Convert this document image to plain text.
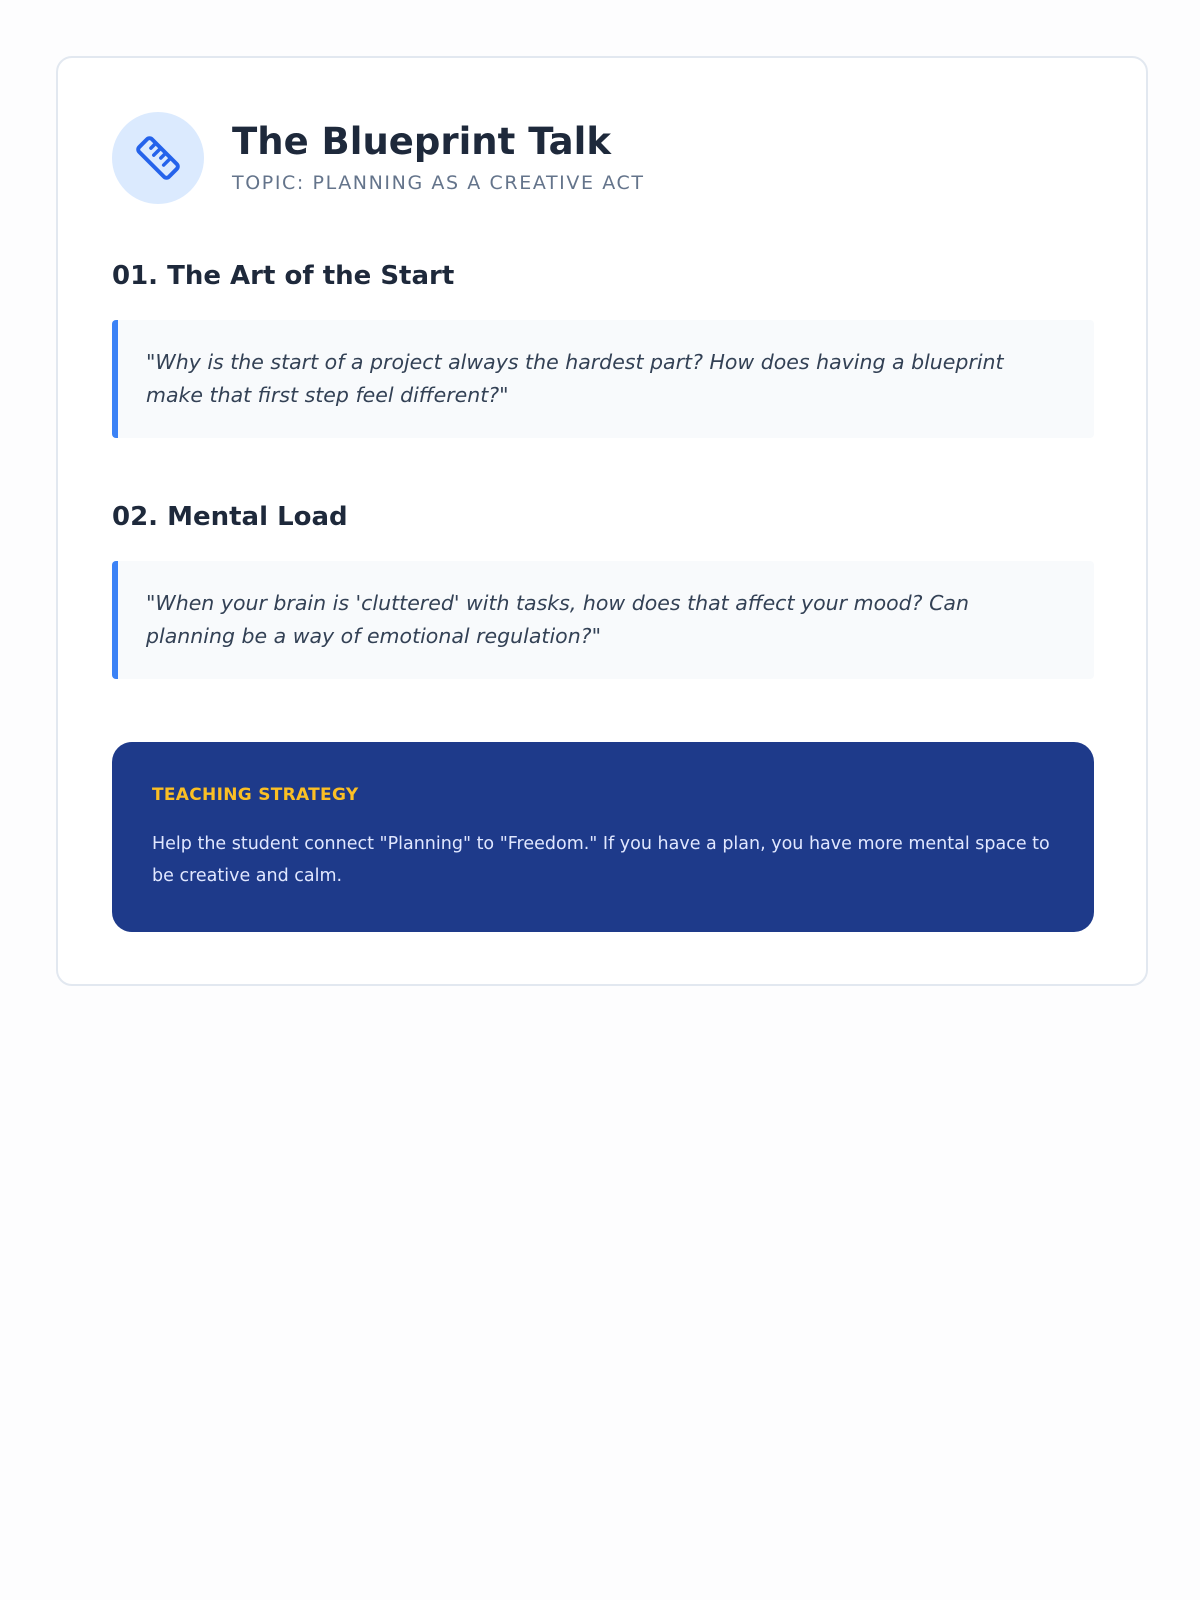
The Blueprint Talk
TOPIC: PLANNING AS A CREATIVE ACT
01. The Art of the Start
"Why is the start of a project always the hardest part? How does having a blueprint make that first step feel different?"
02. Mental Load
"When your brain is 'cluttered' with tasks, how does that affect your mood? Can planning be a way of emotional regulation?"
TEACHING STRATEGY
Help the student connect "Planning" to "Freedom." If you have a plan, you have more mental space to be creative and calm.
